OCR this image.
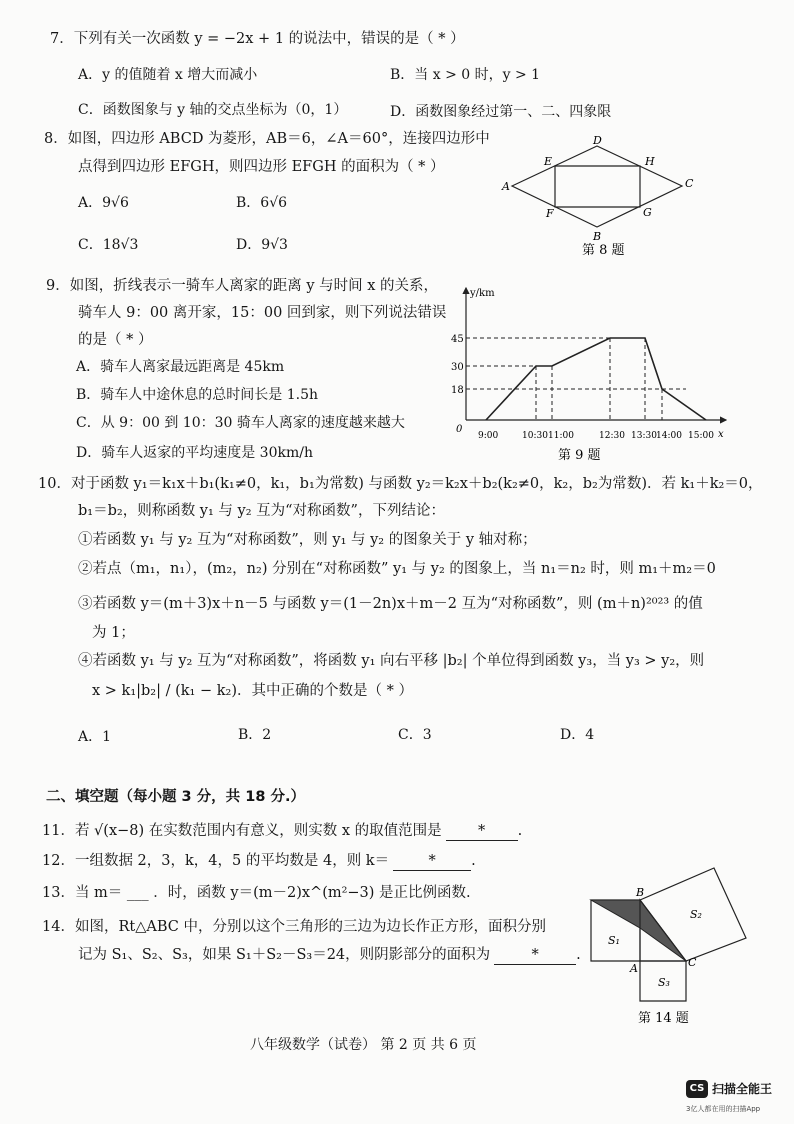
7．下列有关一次函数 y = −2x + 1 的说法中，错误的是（ * ）
A．y 的值随着 x 增大而减小	B．当 x > 0 时，y > 1
C．函数图象与 y 轴的交点坐标为（0，1）	D．函数图象经过第一、二、四象限
8．如图，四边形 ABCD 为菱形，AB＝6，∠A＝60°，连接四边形中
点得到四边形 EFGH，则四边形 EFGH 的面积为（ * ）
A．9√6	B．6√6
C．18√3	D．9√3
A
D
C
B
E	H
F	G
第 8 题
9．如图，折线表示一骑车人离家的距离 y 与时间 x 的关系，
骑车人 9：00 离开家，15：00 回到家，则下列说法错误
的是（ * ）
A．骑车人离家最远距离是 45km
B．骑车人中途休息的总时间长是 1.5h
C．从 9：00 到 10：30 骑车人离家的速度越来越大
D．骑车人返家的平均速度是 30km/h
y/km
x
0
45
30
18
9:00	10:30 11:00	12:30 13:30 14:00 15:00
第 9 题
10．对于函数 y₁＝k₁x＋b₁(k₁≠0，k₁，b₁为常数) 与函数 y₂＝k₂x＋b₂(k₂≠0，k₂，b₂为常数)．若 k₁＋k₂＝0，
b₁＝b₂，则称函数 y₁ 与 y₂ 互为“对称函数”，下列结论：
①若函数 y₁ 与 y₂ 互为“对称函数”，则 y₁ 与 y₂ 的图象关于 y 轴对称；
②若点（m₁，n₁），(m₂，n₂) 分别在“对称函数” y₁ 与 y₂ 的图象上，当 n₁＝n₂ 时，则 m₁＋m₂＝0
③若函数 y＝(m＋3)x＋n－5 与函数 y＝(1－2n)x＋m－2 互为“对称函数”，则 (m＋n)²⁰²³ 的值
为 1；
④若函数 y₁ 与 y₂ 互为“对称函数”，将函数 y₁ 向右平移 |b₂| 个单位得到函数 y₃，当 y₃ > y₂，则
x > k₁|b₂| / (k₁ − k₂)．其中正确的个数是（ * ）
A．1	B．2	C．3	D．4
二、填空题（每小题 3 分，共 18 分.）
11．若 √(x−8) 在实数范围内有意义，则实数 x 的取值范围是	* .
12．一组数据 2，3，k，4，5 的平均数是 4，则 k＝	* .
13．当 m＝ ___ ．时，函数 y＝(m－2)x^(m²−3) 是正比例函数.
14．如图，Rt△ABC 中，分别以这个三角形的三边为边长作正方形，面积分别
记为 S₁、S₂、S₃，如果 S₁＋S₂－S₃＝24，则阴影部分的面积为	*	.
B
A	C
S₁
S₂
S₃
第 14 题
八年级数学（试卷） 第 2 页 共 6 页
CS 扫描全能王
3亿人都在用的扫描App
